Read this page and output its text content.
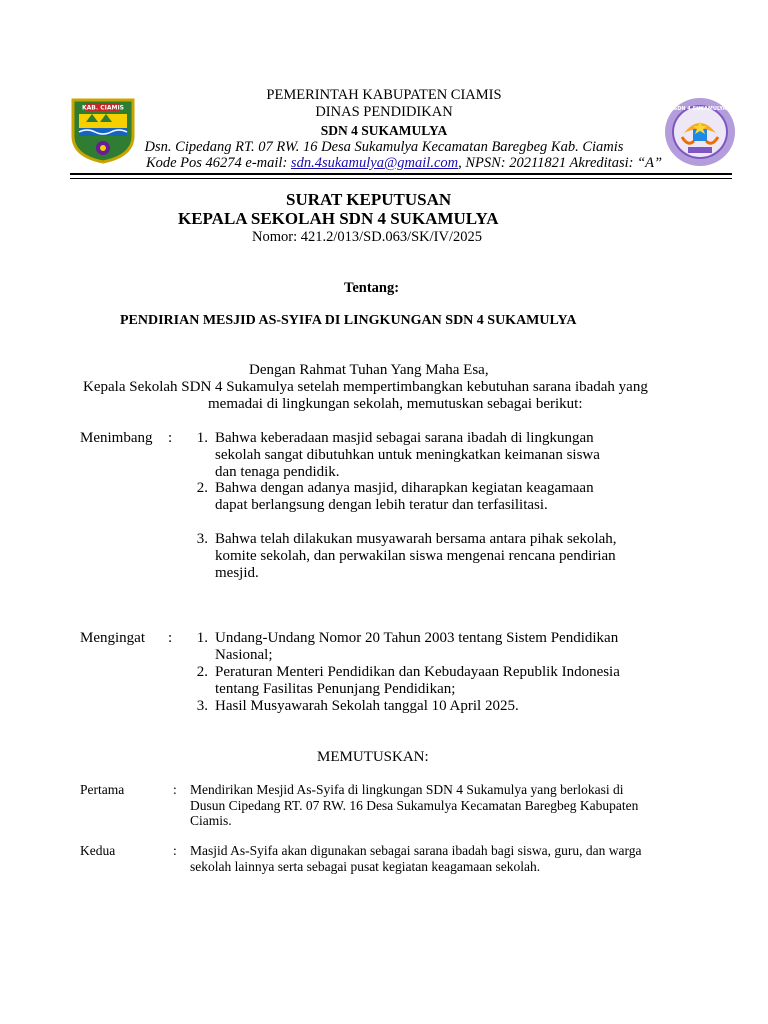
KAB. CIAMIS	SDN 4 SUKAMULYA
PEMERINTAH KABUPATEN CIAMIS
DINAS PENDIDIKAN
SDN 4 SUKAMULYA
Dsn. Cipedang RT. 07 RW. 16 Desa Sukamulya Kecamatan Baregbeg Kab. Ciamis
Kode Pos 46274 e-mail: sdn.4sukamulya@gmail.com, NPSN: 20211821 Akreditasi: “A”
SURAT KEPUTUSAN
KEPALA SEKOLAH SDN 4 SUKAMULYA
Nomor: 421.2/013/SD.063/SK/IV/2025
Tentang:
PENDIRIAN MESJID AS-SYIFA DI LINGKUNGAN SDN 4 SUKAMULYA
Dengan Rahmat Tuhan Yang Maha Esa,
Kepala Sekolah SDN 4 Sukamulya setelah mempertimbangkan kebutuhan sarana ibadah yang
memadai di lingkungan sekolah, memutuskan sebagai berikut:
Menimbang :	1. Bahwa keberadaan masjid sebagai sarana ibadah di lingkungan
sekolah sangat dibutuhkan untuk meningkatkan keimanan siswa
dan tenaga pendidik.
2. Bahwa dengan adanya masjid, diharapkan kegiatan keagamaan
dapat berlangsung dengan lebih teratur dan terfasilitasi.
3. Bahwa telah dilakukan musyawarah bersama antara pihak sekolah,
komite sekolah, dan perwakilan siswa mengenai rencana pendirian
mesjid.
Mengingat :	1. Undang-Undang Nomor 20 Tahun 2003 tentang Sistem Pendidikan
Nasional;
2. Peraturan Menteri Pendidikan dan Kebudayaan Republik Indonesia
tentang Fasilitas Penunjang Pendidikan;
3. Hasil Musyawarah Sekolah tanggal 10 April 2025.
MEMUTUSKAN:
Pertama	: Mendirikan Mesjid As-Syifa di lingkungan SDN 4 Sukamulya yang berlokasi di
Dusun Cipedang RT. 07 RW. 16 Desa Sukamulya Kecamatan Baregbeg Kabupaten
Ciamis.
Kedua	: Masjid As-Syifa akan digunakan sebagai sarana ibadah bagi siswa, guru, dan warga
sekolah lainnya serta sebagai pusat kegiatan keagamaan sekolah.
